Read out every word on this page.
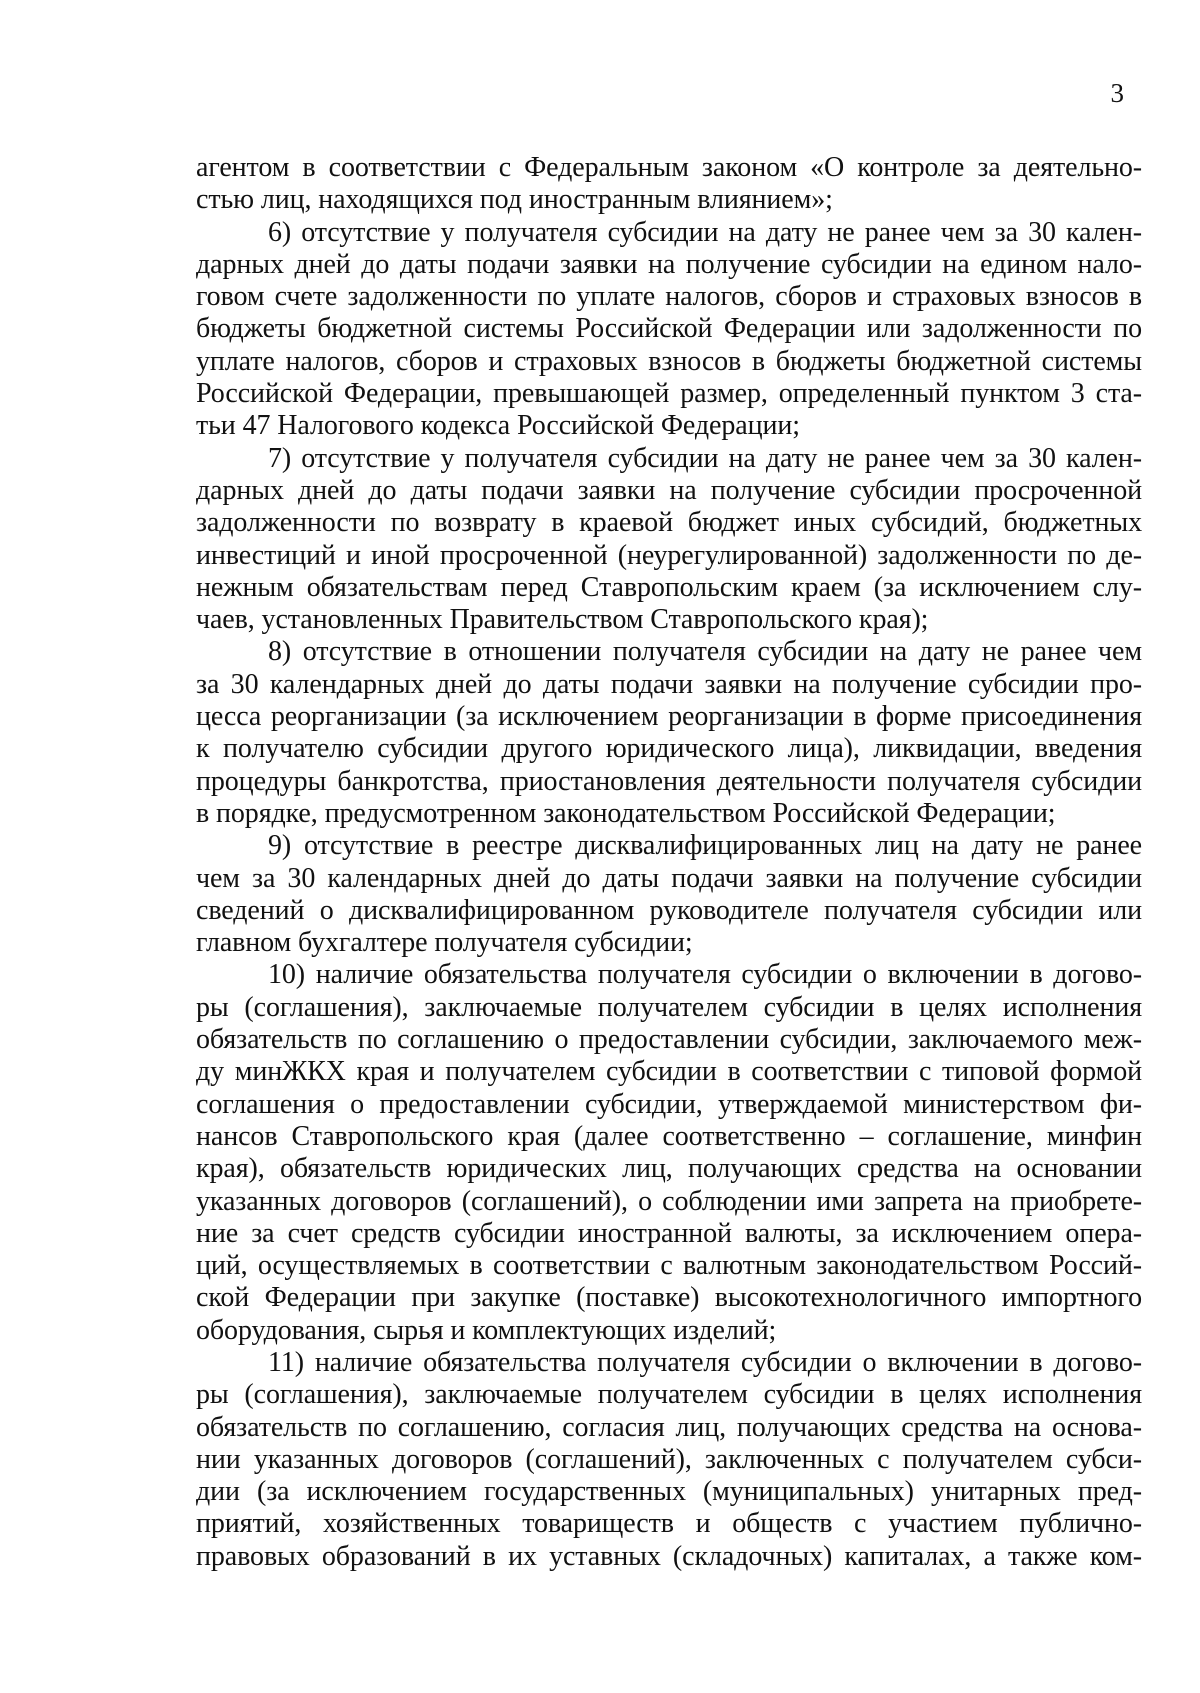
3
агентом в соответствии с Федеральным законом «О контроле за деятельно-
стью лиц, находящихся под иностранным влиянием»;
6) отсутствие у получателя субсидии на дату не ранее чем за 30 кален-
дарных дней до даты подачи заявки на получение субсидии на едином нало-
говом счете задолженности по уплате налогов, сборов и страховых взносов в
бюджеты бюджетной системы Российской Федерации или задолженности по
уплате налогов, сборов и страховых взносов в бюджеты бюджетной системы
Российской Федерации, превышающей размер, определенный пунктом 3 ста-
тьи 47 Налогового кодекса Российской Федерации;
7) отсутствие у получателя субсидии на дату не ранее чем за 30 кален-
дарных дней до даты подачи заявки на получение субсидии просроченной
задолженности по возврату в краевой бюджет иных субсидий, бюджетных
инвестиций и иной просроченной (неурегулированной) задолженности по де-
нежным обязательствам перед Ставропольским краем (за исключением слу-
чаев, установленных Правительством Ставропольского края);
8) отсутствие в отношении получателя субсидии на дату не ранее чем
за 30 календарных дней до даты подачи заявки на получение субсидии про-
цесса реорганизации (за исключением реорганизации в форме присоединения
к получателю субсидии другого юридического лица), ликвидации, введения
процедуры банкротства, приостановления деятельности получателя субсидии
в порядке, предусмотренном законодательством Российской Федерации;
9) отсутствие в реестре дисквалифицированных лиц на дату не ранее
чем за 30 календарных дней до даты подачи заявки на получение субсидии
сведений о дисквалифицированном руководителе получателя субсидии или
главном бухгалтере получателя субсидии;
10) наличие обязательства получателя субсидии о включении в догово-
ры (соглашения), заключаемые получателем субсидии в целях исполнения
обязательств по соглашению о предоставлении субсидии, заключаемого меж-
ду минЖКХ края и получателем субсидии в соответствии с типовой формой
соглашения о предоставлении субсидии, утверждаемой министерством фи-
нансов Ставропольского края (далее соответственно – соглашение, минфин
края), обязательств юридических лиц, получающих средства на основании
указанных договоров (соглашений), о соблюдении ими запрета на приобрете-
ние за счет средств субсидии иностранной валюты, за исключением опера-
ций, осуществляемых в соответствии с валютным законодательством Россий-
ской Федерации при закупке (поставке) высокотехнологичного импортного
оборудования, сырья и комплектующих изделий;
11) наличие обязательства получателя субсидии о включении в догово-
ры (соглашения), заключаемые получателем субсидии в целях исполнения
обязательств по соглашению, согласия лиц, получающих средства на основа-
нии указанных договоров (соглашений), заключенных с получателем субси-
дии (за исключением государственных (муниципальных) унитарных пред-
приятий, хозяйственных товариществ и обществ с участием публично-
правовых образований в их уставных (складочных) капиталах, а также ком-
